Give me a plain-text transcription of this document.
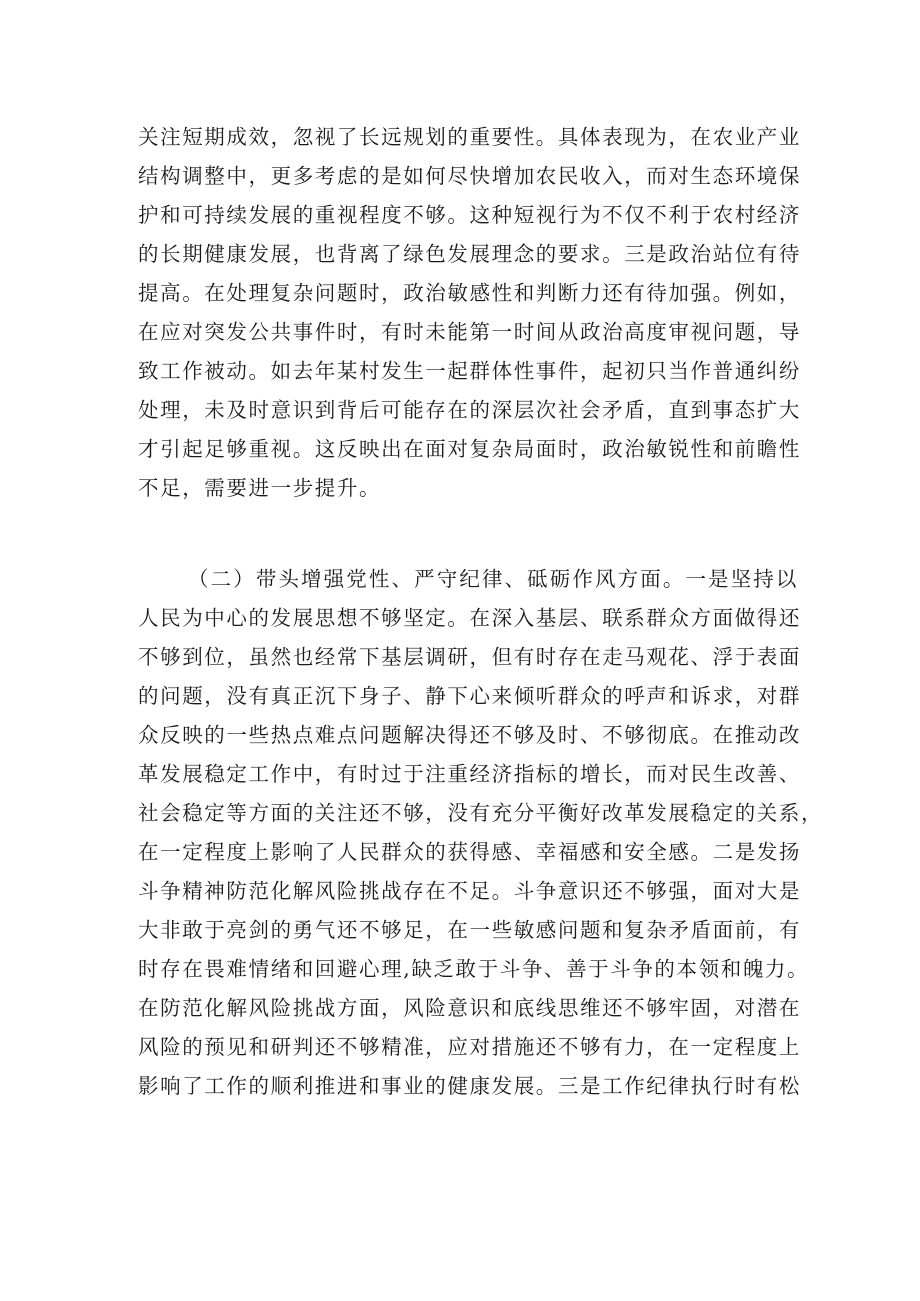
关注短期成效，忽视了长远规划的重要性。具体表现为，在农业产业
结构调整中，更多考虑的是如何尽快增加农民收入，而对生态环境保
护和可持续发展的重视程度不够。这种短视行为不仅不利于农村经济
的长期健康发展，也背离了绿色发展理念的要求。三是政治站位有待
提高。在处理复杂问题时，政治敏感性和判断力还有待加强。例如，
在应对突发公共事件时，有时未能第一时间从政治高度审视问题，导
致工作被动。如去年某村发生一起群体性事件，起初只当作普通纠纷
处理，未及时意识到背后可能存在的深层次社会矛盾，直到事态扩大
才引起足够重视。这反映出在面对复杂局面时，政治敏锐性和前瞻性
不足，需要进一步提升。
（二）带头增强党性、严守纪律、砥砺作风方面。一是坚持以
人民为中心的发展思想不够坚定。在深入基层、联系群众方面做得还
不够到位，虽然也经常下基层调研，但有时存在走马观花、浮于表面
的问题，没有真正沉下身子、静下心来倾听群众的呼声和诉求，对群
众反映的一些热点难点问题解决得还不够及时、不够彻底。在推动改
革发展稳定工作中，有时过于注重经济指标的增长，而对民生改善、
社会稳定等方面的关注还不够，没有充分平衡好改革发展稳定的关系，
在一定程度上影响了人民群众的获得感、幸福感和安全感。二是发扬
斗争精神防范化解风险挑战存在不足。斗争意识还不够强，面对大是
大非敢于亮剑的勇气还不够足，在一些敏感问题和复杂矛盾面前，有
时存在畏难情绪和回避心理,缺乏敢于斗争、善于斗争的本领和魄力。
在防范化解风险挑战方面，风险意识和底线思维还不够牢固，对潜在
风险的预见和研判还不够精准，应对措施还不够有力，在一定程度上
影响了工作的顺利推进和事业的健康发展。三是工作纪律执行时有松
